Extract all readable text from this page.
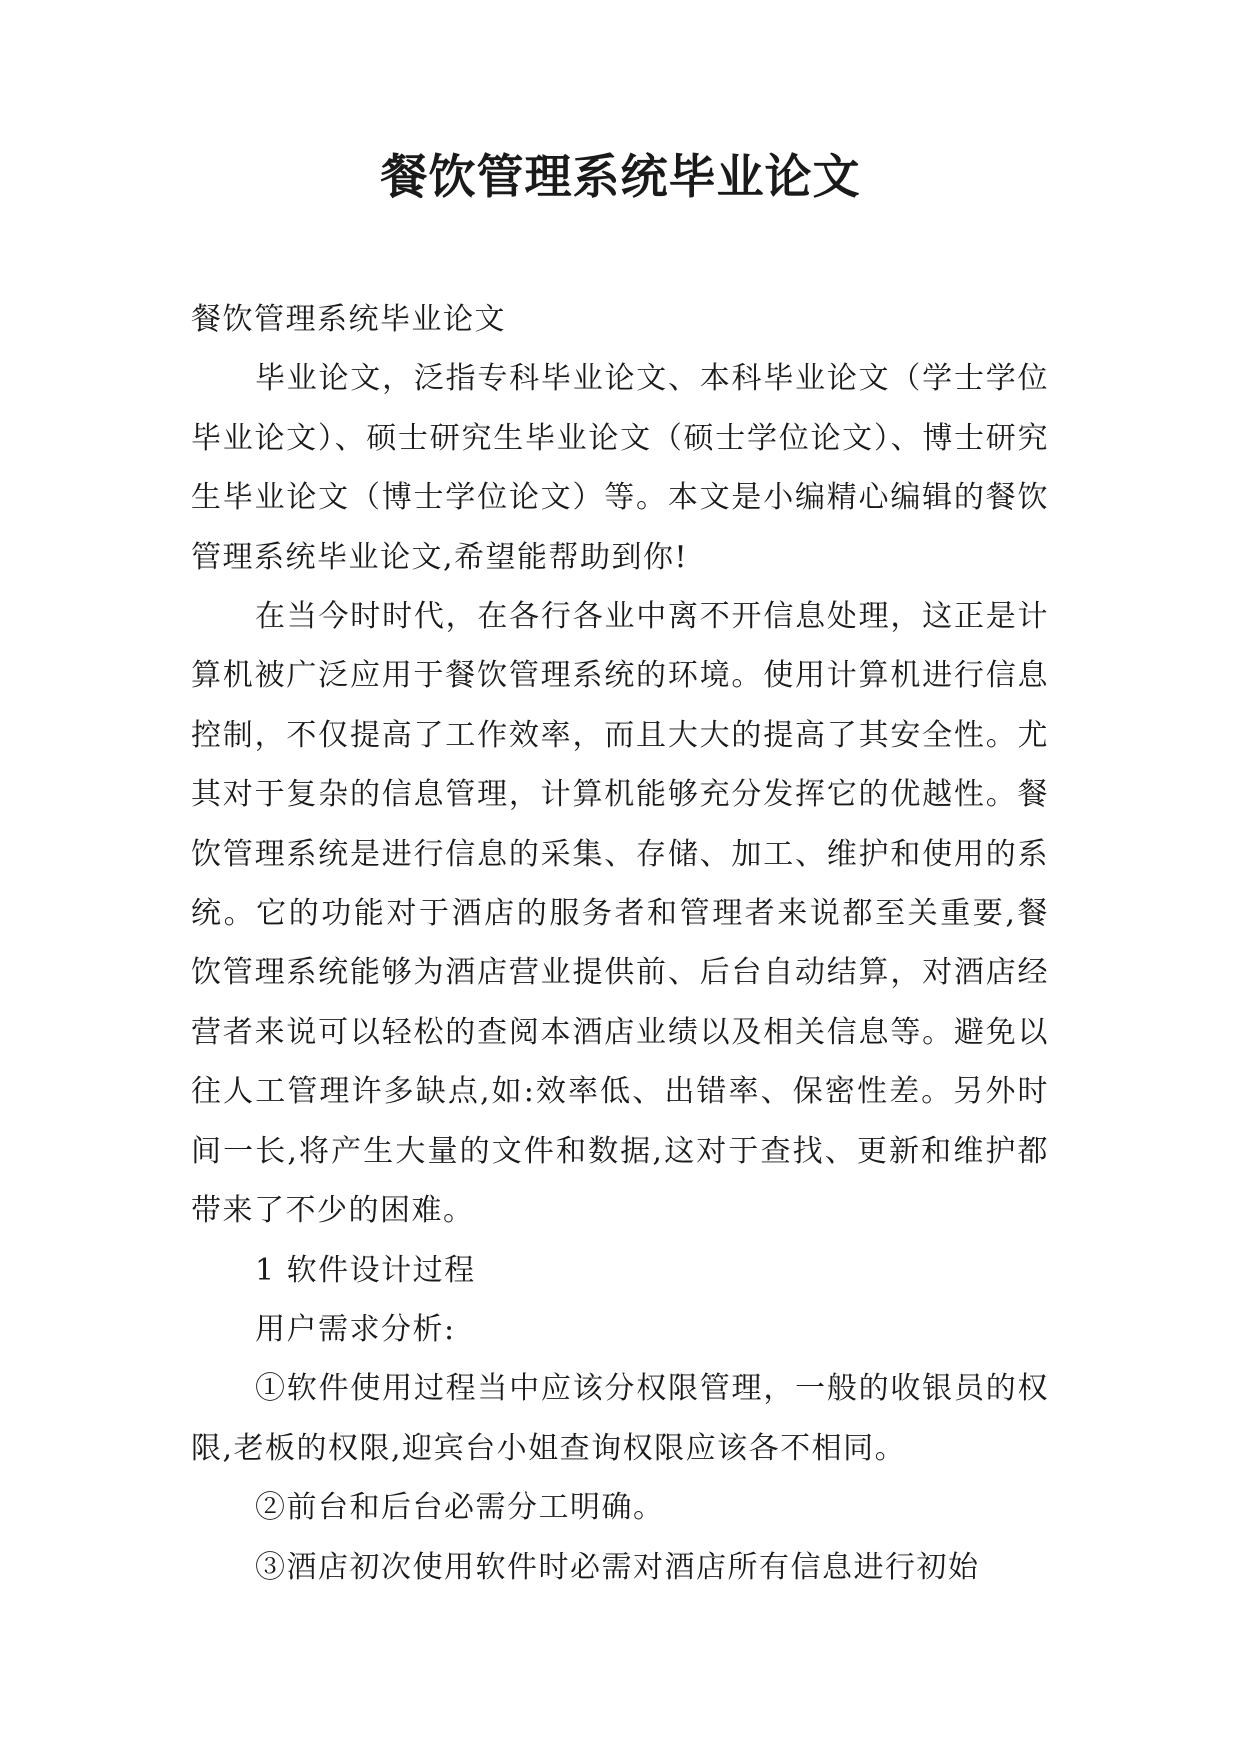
餐饮管理系统毕业论文

餐饮管理系统毕业论文

毕业论文，泛指专科毕业论文、本科毕业论文（学士学位毕业论文）、硕士研究生毕业论文（硕士学位论文）、博士研究生毕业论文（博士学位论文）等。本文是小编精心编辑的餐饮管理系统毕业论文,希望能帮助到你!

在当今时时代，在各行各业中离不开信息处理，这正是计算机被广泛应用于餐饮管理系统的环境。使用计算机进行信息控制，不仅提高了工作效率，而且大大的提高了其安全性。尤其对于复杂的信息管理，计算机能够充分发挥它的优越性。餐饮管理系统是进行信息的采集、存储、加工、维护和使用的系统。它的功能对于酒店的服务者和管理者来说都至关重要,餐饮管理系统能够为酒店营业提供前、后台自动结算，对酒店经营者来说可以轻松的查阅本酒店业绩以及相关信息等。避免以往人工管理许多缺点,如:效率低、出错率、保密性差。另外时间一长,将产生大量的文件和数据,这对于查找、更新和维护都带来了不少的困难。

1 软件设计过程

用户需求分析:

①软件使用过程当中应该分权限管理，一般的收银员的权限,老板的权限,迎宾台小姐查询权限应该各不相同。

②前台和后台必需分工明确。

③酒店初次使用软件时必需对酒店所有信息进行初始
